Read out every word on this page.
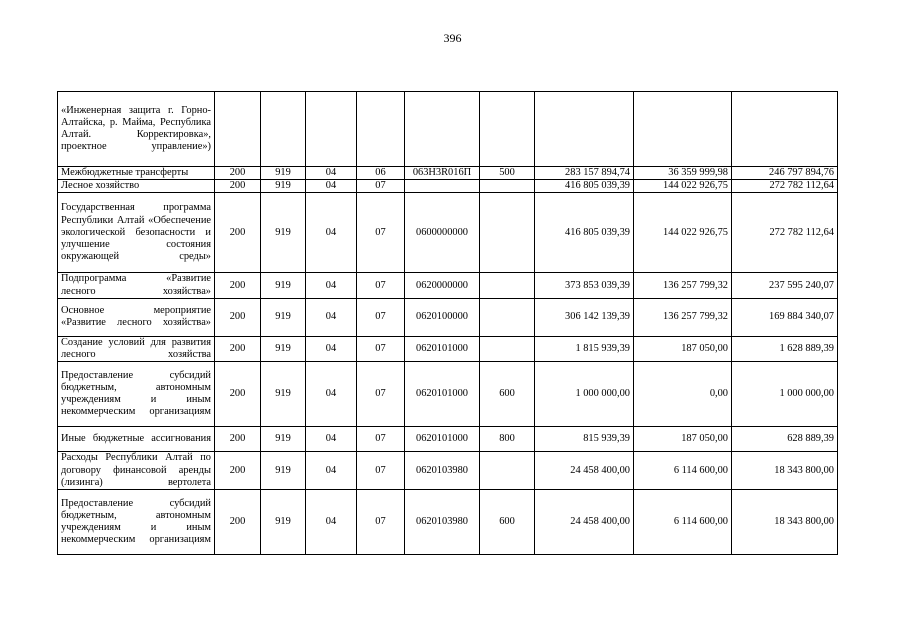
396
«Инженерная защита г. Горно-Алтайска, р. Майма, Республика Алтай. Корректировка», проектное управление»)									
Межбюджетные трансферты	200	919	04	06	063H3R016П	500	283 157 894,74	36 359 999,98	246 797 894,76
Лесное хозяйство	200	919	04	07			416 805 039,39	144 022 926,75	272 782 112,64
Государственная программа Республики Алтай «Обеспечение экологической безопасности и улучшение состояния окружающей среды»	200	919	04	07	0600000000		416 805 039,39	144 022 926,75	272 782 112,64
Подпрограмма «Развитие лесного хозяйства»	200	919	04	07	0620000000		373 853 039,39	136 257 799,32	237 595 240,07
Основное мероприятие «Развитие лесного хозяйства»	200	919	04	07	0620100000		306 142 139,39	136 257 799,32	169 884 340,07
Создание условий для развития лесного хозяйства	200	919	04	07	0620101000		1 815 939,39	187 050,00	1 628 889,39
Предоставление субсидий бюджетным, автономным учреждениям и иным некоммерческим организациям	200	919	04	07	0620101000	600	1 000 000,00	0,00	1 000 000,00
Иные бюджетные ассигнования	200	919	04	07	0620101000	800	815 939,39	187 050,00	628 889,39
Расходы Республики Алтай по договору финансовой аренды (лизинга) вертолета	200	919	04	07	0620103980		24 458 400,00	6 114 600,00	18 343 800,00
Предоставление субсидий бюджетным, автономным учреждениям и иным некоммерческим организациям	200	919	04	07	0620103980	600	24 458 400,00	6 114 600,00	18 343 800,00
